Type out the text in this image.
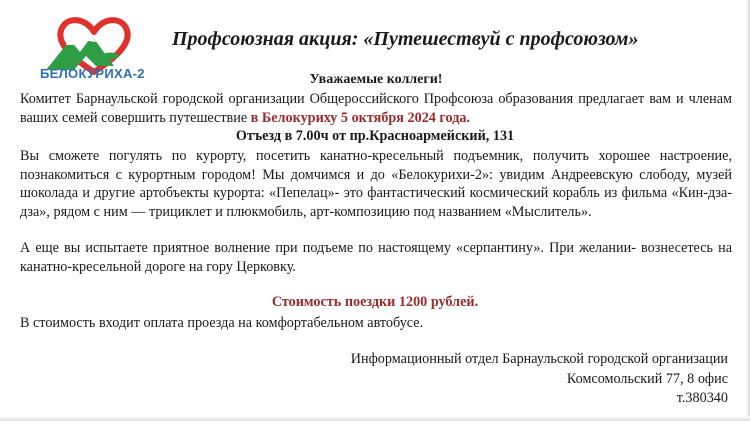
БЕЛОКУРИХА-2
Профсоюзная акция: «Путешествуй с профсоюзом»
Уважаемые коллеги!

Комитет Барнаульской городской организации Общероссийского Профсоюза образования предлагает вам и членам ваших семей совершить путешествие в Белокуриху 5 октября 2024 года.

Отъезд в 7.00ч от пр.Красноармейский, 131

Вы сможете погулять по курорту, посетить канатно-кресельный подъемник, получить хорошее настроение, познакомиться с курортным городом! Мы домчимся и до «Белокурихи-2»: увидим Андреевскую слободу, музей шоколада и другие артобъекты курорта: «Пепелац»- это фантастический космический корабль из фильма «Кин-дза-дза», рядом с ним — трициклет и плюкмобиль, арт-композицию под названием «Мыслитель».

А еще вы испытаете приятное волнение при подъеме по настоящему «серпантину». При желании- вознесетесь на канатно-кресельной дороге на гору Церковку.

Стоимость поездки 1200 рублей.

В стоимость входит оплата проезда на комфортабельном автобусе.

Информационный отдел Барнаульской городской организации
Комсомольский 77, 8 офис
т.380340
